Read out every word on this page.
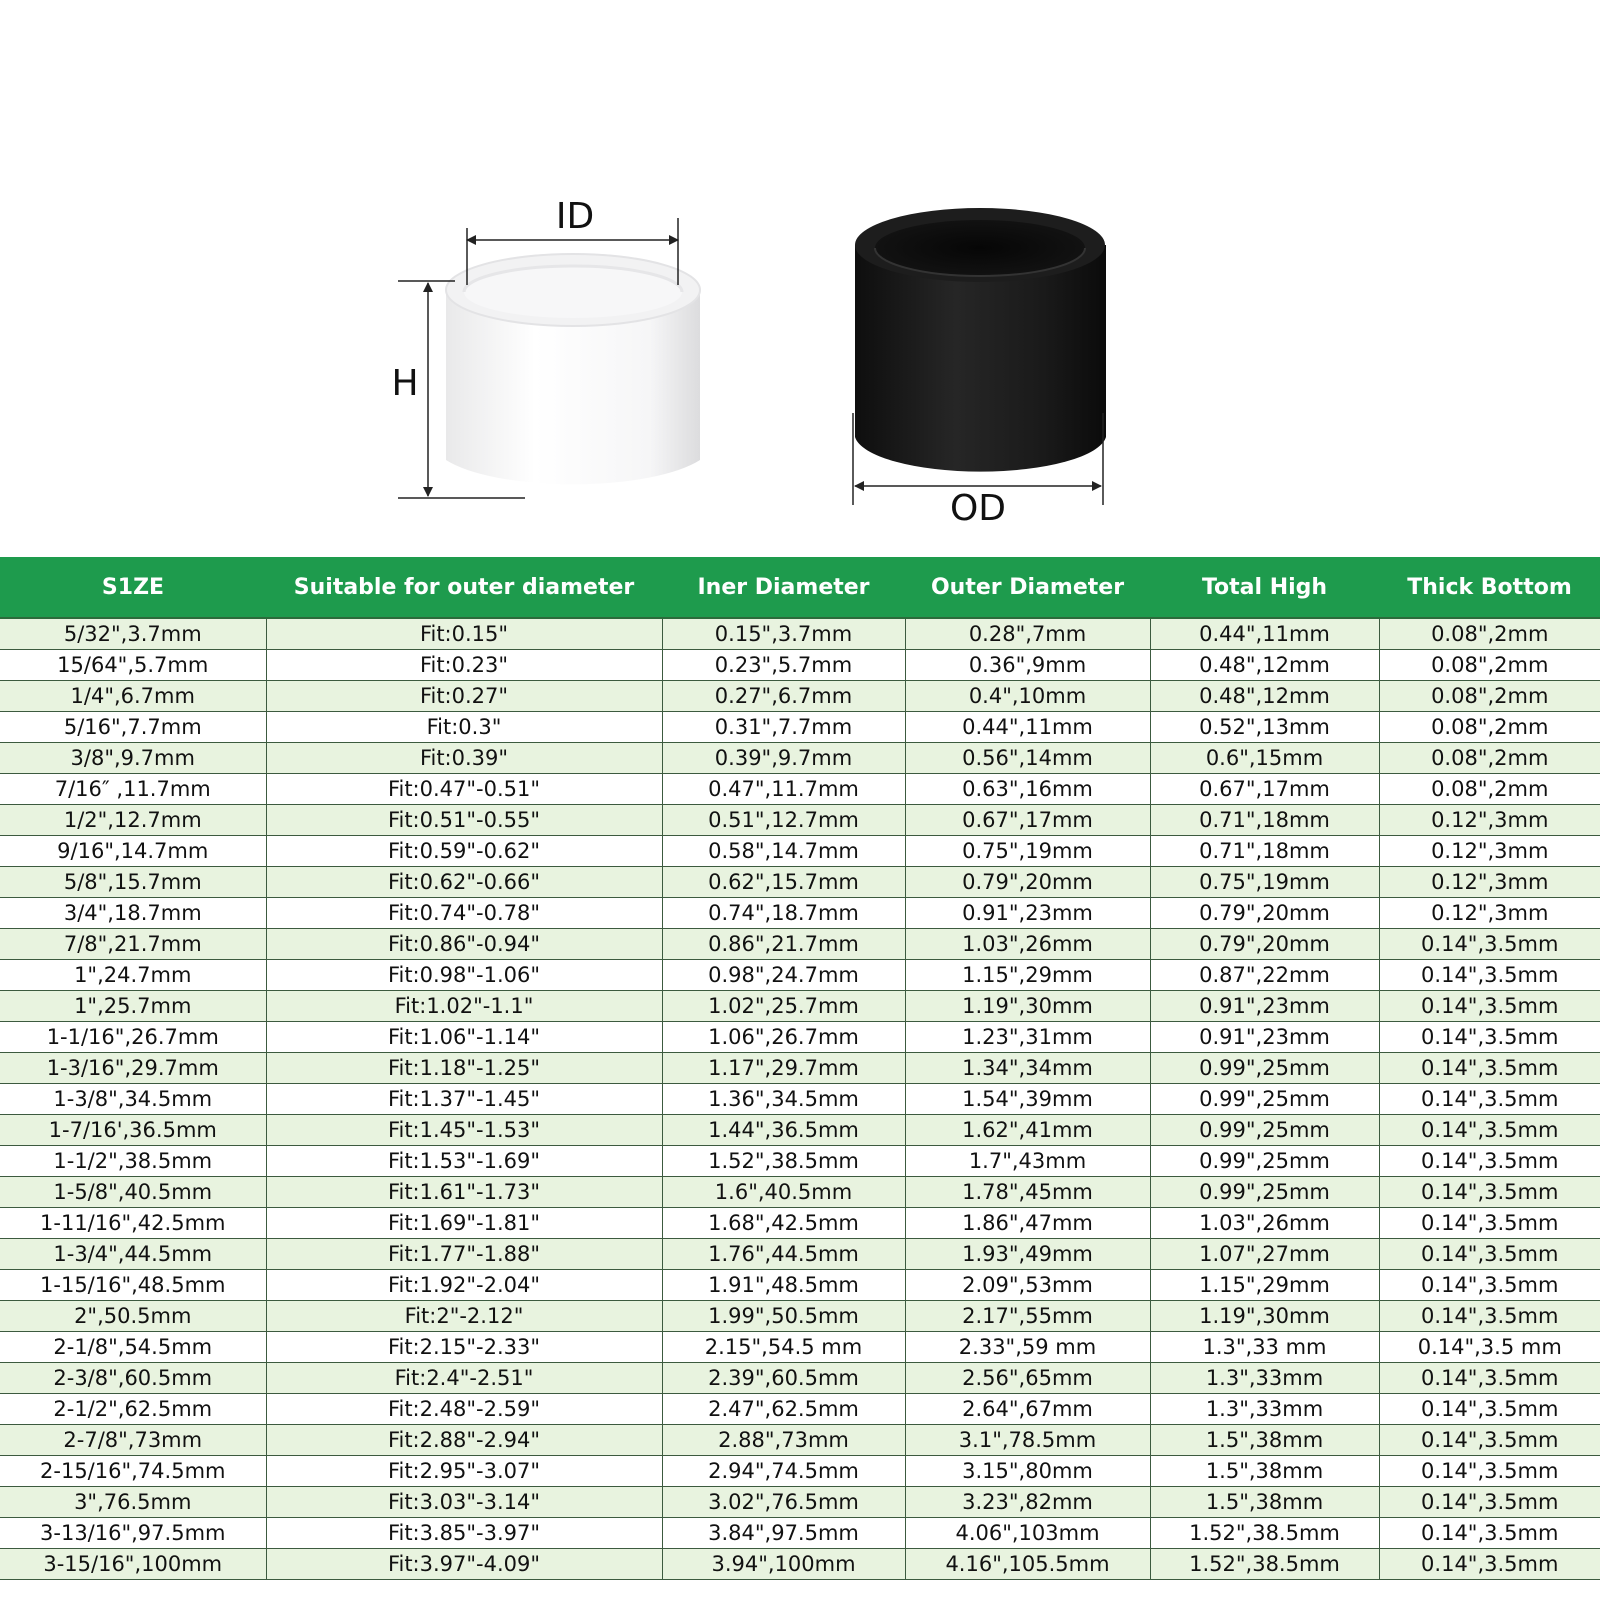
ID
H
OD
S1ZE	Suitable for outer diameter	Iner Diameter	Outer Diameter	Total High	Thick Bottom
5/32",3.7mm	Fit:0.15"	0.15",3.7mm	0.28",7mm	0.44",11mm	0.08",2mm
15/64",5.7mm	Fit:0.23"	0.23",5.7mm	0.36",9mm	0.48",12mm	0.08",2mm
1/4",6.7mm	Fit:0.27"	0.27",6.7mm	0.4",10mm	0.48",12mm	0.08",2mm
5/16",7.7mm	Fit:0.3"	0.31",7.7mm	0.44",11mm	0.52",13mm	0.08",2mm
3/8",9.7mm	Fit:0.39"	0.39",9.7mm	0.56",14mm	0.6",15mm	0.08",2mm
7/16″ ,11.7mm	Fit:0.47"-0.51"	0.47",11.7mm	0.63",16mm	0.67",17mm	0.08",2mm
1/2",12.7mm	Fit:0.51"-0.55"	0.51",12.7mm	0.67",17mm	0.71",18mm	0.12",3mm
9/16",14.7mm	Fit:0.59"-0.62"	0.58",14.7mm	0.75",19mm	0.71",18mm	0.12",3mm
5/8",15.7mm	Fit:0.62"-0.66"	0.62",15.7mm	0.79",20mm	0.75",19mm	0.12",3mm
3/4",18.7mm	Fit:0.74"-0.78"	0.74",18.7mm	0.91",23mm	0.79",20mm	0.12",3mm
7/8",21.7mm	Fit:0.86"-0.94"	0.86",21.7mm	1.03",26mm	0.79",20mm	0.14",3.5mm
1",24.7mm	Fit:0.98"-1.06"	0.98",24.7mm	1.15",29mm	0.87",22mm	0.14",3.5mm
1",25.7mm	Fit:1.02"-1.1"	1.02",25.7mm	1.19",30mm	0.91",23mm	0.14",3.5mm
1-1/16",26.7mm	Fit:1.06"-1.14"	1.06",26.7mm	1.23",31mm	0.91",23mm	0.14",3.5mm
1-3/16",29.7mm	Fit:1.18"-1.25"	1.17",29.7mm	1.34",34mm	0.99",25mm	0.14",3.5mm
1-3/8",34.5mm	Fit:1.37"-1.45"	1.36",34.5mm	1.54",39mm	0.99",25mm	0.14",3.5mm
1-7/16',36.5mm	Fit:1.45"-1.53"	1.44",36.5mm	1.62",41mm	0.99",25mm	0.14",3.5mm
1-1/2",38.5mm	Fit:1.53"-1.69"	1.52",38.5mm	1.7",43mm	0.99",25mm	0.14",3.5mm
1-5/8",40.5mm	Fit:1.61"-1.73"	1.6",40.5mm	1.78",45mm	0.99",25mm	0.14",3.5mm
1-11/16",42.5mm	Fit:1.69"-1.81"	1.68",42.5mm	1.86",47mm	1.03",26mm	0.14",3.5mm
1-3/4",44.5mm	Fit:1.77"-1.88"	1.76",44.5mm	1.93",49mm	1.07",27mm	0.14",3.5mm
1-15/16",48.5mm	Fit:1.92"-2.04"	1.91",48.5mm	2.09",53mm	1.15",29mm	0.14",3.5mm
2",50.5mm	Fit:2"-2.12"	1.99",50.5mm	2.17",55mm	1.19",30mm	0.14",3.5mm
2-1/8",54.5mm	Fit:2.15"-2.33"	2.15",54.5 mm	2.33",59 mm	1.3",33 mm	0.14",3.5 mm
2-3/8",60.5mm	Fit:2.4"-2.51"	2.39",60.5mm	2.56",65mm	1.3",33mm	0.14",3.5mm
2-1/2",62.5mm	Fit:2.48"-2.59"	2.47",62.5mm	2.64",67mm	1.3",33mm	0.14",3.5mm
2-7/8",73mm	Fit:2.88"-2.94"	2.88",73mm	3.1",78.5mm	1.5",38mm	0.14",3.5mm
2-15/16",74.5mm	Fit:2.95"-3.07"	2.94",74.5mm	3.15",80mm	1.5",38mm	0.14",3.5mm
3",76.5mm	Fit:3.03"-3.14"	3.02",76.5mm	3.23",82mm	1.5",38mm	0.14",3.5mm
3-13/16",97.5mm	Fit:3.85"-3.97"	3.84",97.5mm	4.06",103mm	1.52",38.5mm	0.14",3.5mm
3-15/16",100mm	Fit:3.97"-4.09"	3.94",100mm	4.16",105.5mm	1.52",38.5mm	0.14",3.5mm
